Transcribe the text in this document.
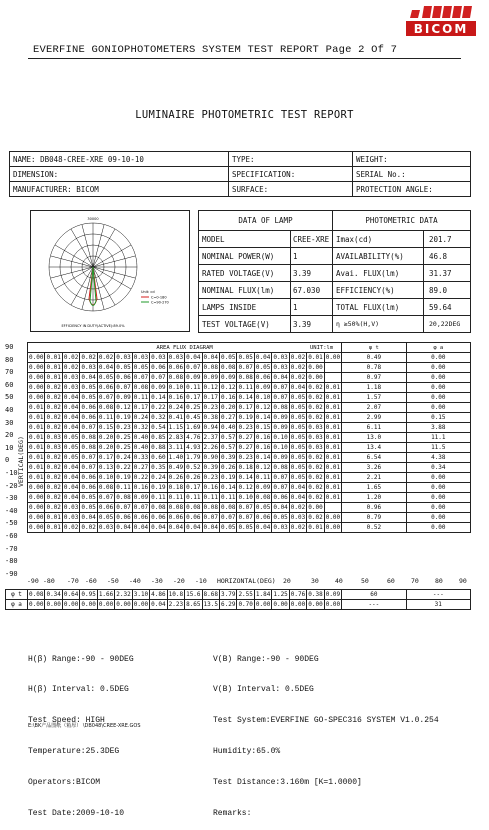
EVERFINE GONIOPHOTOMETERS SYSTEM TEST REPORT Page 2 Of 7
BICOM
LUMINAIRE PHOTOMETRIC TEST REPORT
NAME: DB048-CREE-XRE 09-10-10	TYPE:	WEIGHT:
DIMENSION:	SPECIFICATION:	SERIAL No.:
MANUFACTURER: BICOM	SURFACE:	PROTECTION ANGLE:
30000
Unit: cd
C=0-180
C=90-270
EFFICIENCY IN DUTY(ACTIVE):89.0%
DATA OF LAMP		PHOTOMETRIC DATA	
MODEL	CREE-XRE	Imax(cd)	201.7
NOMINAL POWER(W)	1	AVAILABILITY(%)	46.8
RATED VOLTAGE(V)	3.39	Avai. FLUX(lm)	31.37
NOMINAL FLUX(lm)	67.030	EFFICIENCY(%)	89.0
LAMPS INSIDE	1	TOTAL FLUX(lm)	59.64
TEST VOLTAGE(V)	3.39	η ≥50%(H,V)	20,22DEG
90
80
70
60
50
40
30
20
10
0
-10
-20
-30
-40
-50
-60
-70
-80
-90
VERTICAL(DEG)
AREA FLUX DIAGRAM UNIT:lm																		φ t	φ a
0.00	0.01	0.02	0.02	0.02	0.03	0.03	0.03	0.03	0.04	0.04	0.05	0.05	0.04	0.03	0.02	0.01	0.00	0.49	0.00
0.00	0.01	0.02	0.03	0.04	0.05	0.05	0.06	0.06	0.07	0.08	0.08	0.07	0.05	0.03	0.02	0.00		0.78	0.00
0.00	0.01	0.03	0.04	0.05	0.06	0.07	0.07	0.08	0.09	0.09	0.09	0.08	0.06	0.04	0.02	0.00		0.97	0.00
0.00	0.02	0.03	0.05	0.06	0.07	0.08	0.09	0.10	0.11	0.12	0.12	0.11	0.09	0.07	0.04	0.02	0.01	1.18	0.00
0.00	0.02	0.04	0.05	0.07	0.09	0.11	0.14	0.16	0.17	0.17	0.16	0.14	0.10	0.07	0.05	0.02	0.01	1.57	0.00
0.01	0.02	0.04	0.06	0.08	0.12	0.17	0.22	0.24	0.25	0.23	0.20	0.17	0.12	0.08	0.05	0.02	0.01	2.07	0.00
0.01	0.02	0.04	0.06	0.11	0.19	0.24	0.32	0.41	0.45	0.38	0.27	0.19	0.14	0.09	0.05	0.02	0.01	2.99	0.15
0.01	0.02	0.04	0.07	0.15	0.23	0.32	0.54	1.15	1.69	0.94	0.40	0.23	0.15	0.09	0.05	0.03	0.01	6.11	3.88
0.01	0.03	0.05	0.08	0.20	0.25	0.40	0.85	2.83	4.76	2.37	0.57	0.27	0.16	0.10	0.05	0.03	0.01	13.0	11.1
0.01	0.03	0.05	0.08	0.20	0.25	0.40	0.88	3.11	4.93	2.26	0.57	0.27	0.16	0.10	0.05	0.03	0.01	13.4	11.5
0.01	0.02	0.05	0.07	0.17	0.24	0.33	0.60	1.40	1.79	0.90	0.39	0.23	0.14	0.09	0.05	0.02	0.01	6.54	4.38
0.01	0.02	0.04	0.07	0.13	0.22	0.27	0.35	0.49	0.52	0.39	0.26	0.18	0.12	0.08	0.05	0.02	0.01	3.26	0.34
0.01	0.02	0.04	0.06	0.10	0.19	0.22	0.24	0.26	0.26	0.23	0.19	0.14	0.11	0.07	0.05	0.02	0.01	2.21	0.00
0.00	0.02	0.04	0.06	0.08	0.11	0.16	0.19	0.18	0.17	0.16	0.14	0.12	0.09	0.07	0.04	0.02	0.01	1.65	0.00
0.00	0.02	0.04	0.05	0.07	0.08	0.09	0.11	0.11	0.11	0.11	0.11	0.10	0.08	0.06	0.04	0.02	0.01	1.20	0.00
0.00	0.02	0.03	0.05	0.06	0.07	0.07	0.08	0.08	0.08	0.08	0.08	0.07	0.05	0.04	0.02	0.00		0.96	0.00
0.00	0.01	0.03	0.04	0.05	0.06	0.06	0.06	0.06	0.06	0.07	0.07	0.07	0.06	0.05	0.03	0.02	0.00	0.79	0.00
0.00	0.01	0.02	0.02	0.03	0.04	0.04	0.04	0.04	0.04	0.04	0.05	0.05	0.04	0.03	0.02	0.01	0.00	0.52	0.00
-90 -80 -70 -60 -50 -40 -30 -20 -10 HORIZONTAL(DEG) 20	30 40	50	60 70 80 90
φ t	0.08	0.34	0.64	0.95	1.66	2.32	3.10	4.86	10.8	15.6	8.68	3.79	2.55	1.84	1.25	0.76	0.38	0.09	60	---
φ a	0.00	0.00	0.00	0.00	0.00	0.00	0.00	0.04	2.23	8.65	13.5	6.29	0.70	0.00	0.00	0.00	0.00	0.00	---	31

H(β) Range:-90 - 90DEG

H(β) Interval: 0.5DEG

Test Speed: HIGH

Temperature:25.3DEG

Operators:BICOM

Test Date:2009-10-10

V(B) Range:-90 - 90DEG

V(B) Interval: 0.5DEG

Test System:EVERFINE GO-SPEC316 SYSTEM V1.0.254

Humidity:65.0%

Test Distance:3.160m [K=1.0000]

Remarks:

E:\BK产品图纸（箱厚） \DB048\CREE-XRE.GOS
